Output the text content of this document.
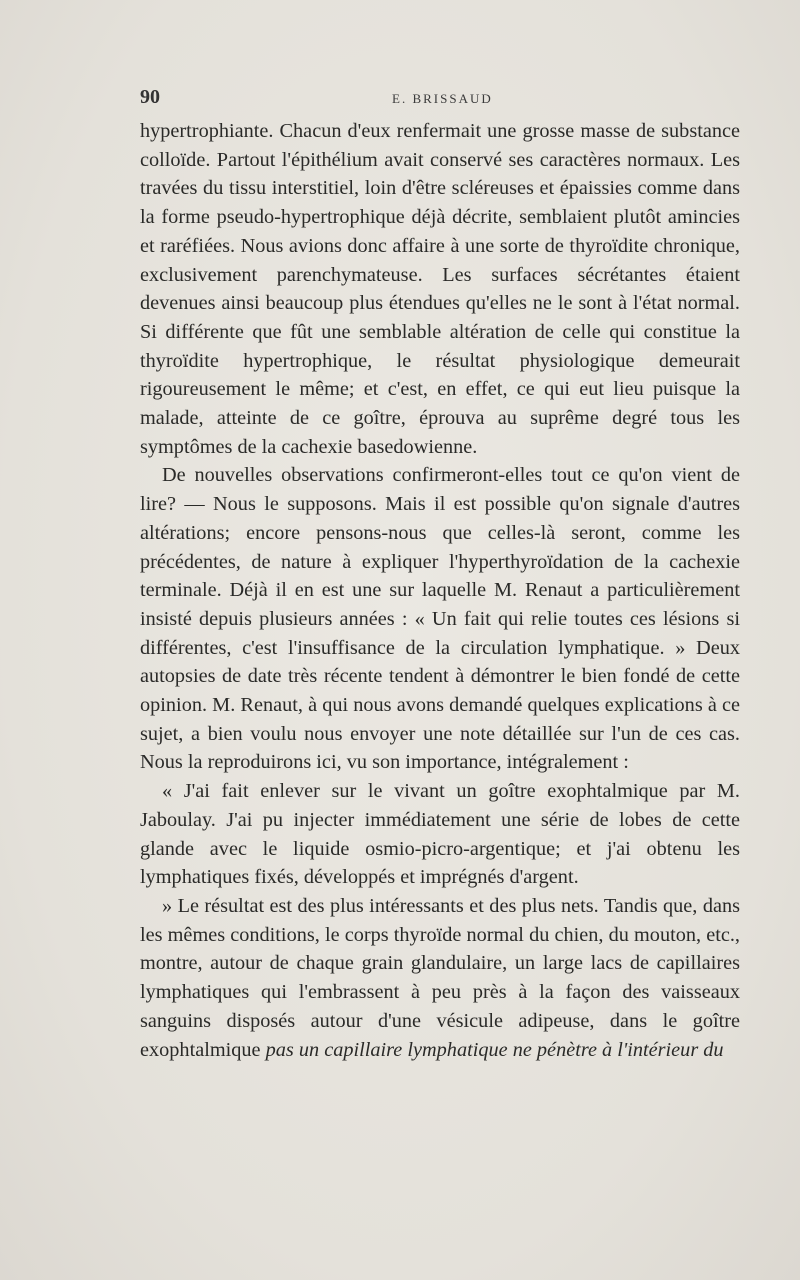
90	E. BRISSAUD

hypertrophiante. Chacun d'eux renfermait une grosse masse de substance colloïde. Partout l'épithélium avait conservé ses caractères normaux. Les travées du tissu interstitiel, loin d'être scléreuses et épaissies comme dans la forme pseudo-hypertrophique déjà décrite, semblaient plutôt amincies et raréfiées. Nous avions donc affaire à une sorte de thyroïdite chronique, exclusivement parenchymateuse. Les surfaces sécrétantes étaient devenues ainsi beaucoup plus étendues qu'elles ne le sont à l'état normal. Si différente que fût une semblable altération de celle qui constitue la thyroïdite hypertrophique, le résultat physiologique demeurait rigoureusement le même; et c'est, en effet, ce qui eut lieu puisque la malade, atteinte de ce goître, éprouva au suprême degré tous les symptômes de la cachexie basedowienne.

De nouvelles observations confirmeront-elles tout ce qu'on vient de lire? — Nous le supposons. Mais il est possible qu'on signale d'autres altérations; encore pensons-nous que celles-là seront, comme les précédentes, de nature à expliquer l'hyperthyroïdation de la cachexie terminale. Déjà il en est une sur laquelle M. Renaut a particulièrement insisté depuis plusieurs années : « Un fait qui relie toutes ces lésions si différentes, c'est l'insuffisance de la circulation lymphatique. » Deux autopsies de date très récente tendent à démontrer le bien fondé de cette opinion. M. Renaut, à qui nous avons demandé quelques explications à ce sujet, a bien voulu nous envoyer une note détaillée sur l'un de ces cas. Nous la reproduirons ici, vu son importance, intégralement :

« J'ai fait enlever sur le vivant un goître exophtalmique par M. Jaboulay. J'ai pu injecter immédiatement une série de lobes de cette glande avec le liquide osmio-picro-argentique; et j'ai obtenu les lymphatiques fixés, développés et imprégnés d'argent.

» Le résultat est des plus intéressants et des plus nets. Tandis que, dans les mêmes conditions, le corps thyroïde normal du chien, du mouton, etc., montre, autour de chaque grain glandulaire, un large lacs de capillaires lymphatiques qui l'embrassent à peu près à la façon des vaisseaux sanguins disposés autour d'une vésicule adipeuse, dans le goître exophtalmique pas un capillaire lymphatique ne pénètre à l'intérieur du
